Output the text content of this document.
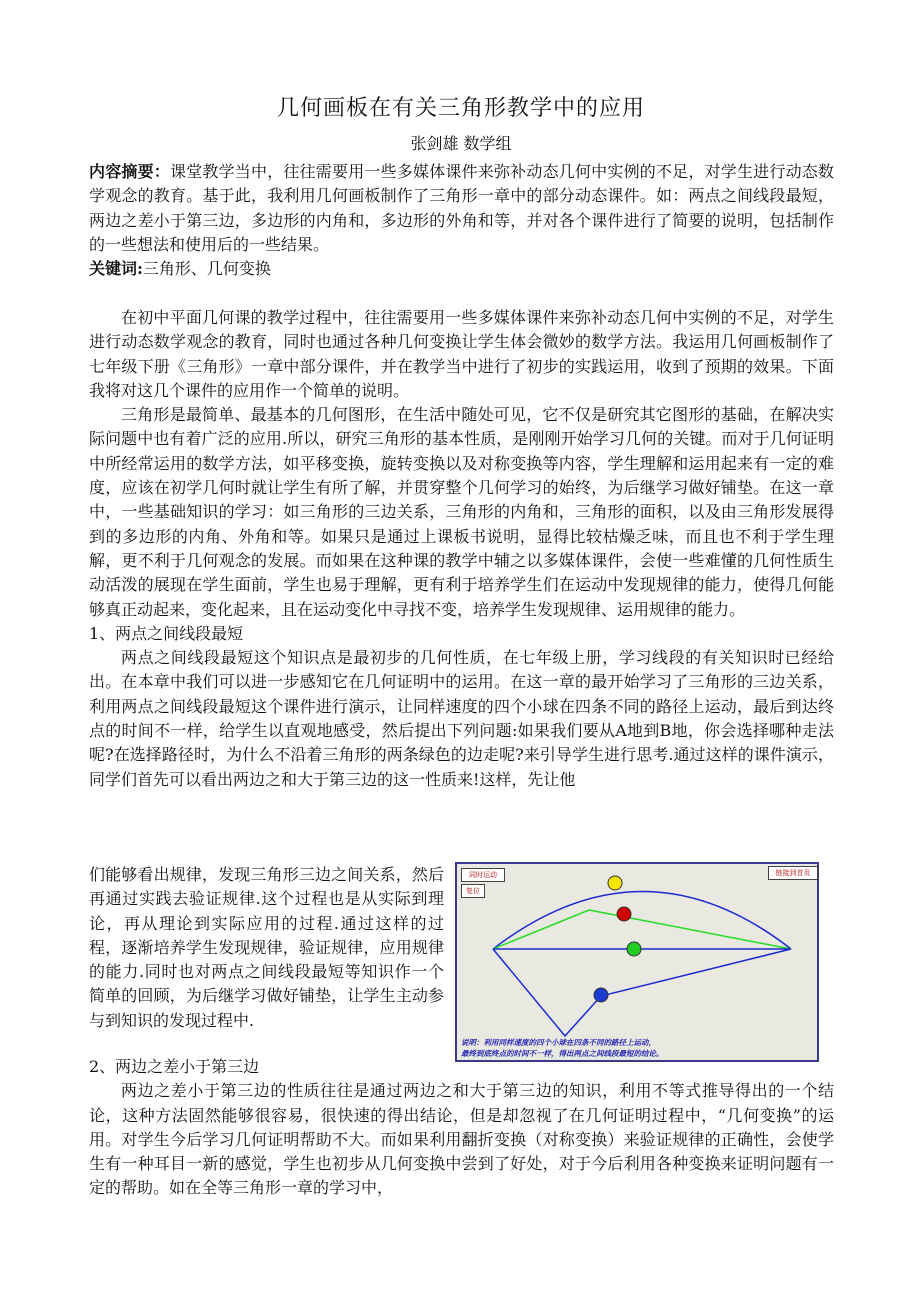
几何画板在有关三角形教学中的应用
张剑雄 数学组

内容摘要：课堂教学当中，往往需要用一些多媒体课件来弥补动态几何中实例的不足，对学生进行动态数学观念的教育。基于此，我利用几何画板制作了三角形一章中的部分动态课件。如：两点之间线段最短，两边之差小于第三边，多边形的内角和，多边形的外角和等，并对各个课件进行了简要的说明，包括制作的一些想法和使用后的一些结果。

关键词:三角形、几何变换

在初中平面几何课的教学过程中，往往需要用一些多媒体课件来弥补动态几何中实例的不足，对学生进行动态数学观念的教育，同时也通过各种几何变换让学生体会微妙的数学方法。我运用几何画板制作了七年级下册《三角形》一章中部分课件，并在教学当中进行了初步的实践运用，收到了预期的效果。下面我将对这几个课件的应用作一个简单的说明。

三角形是最简单、最基本的几何图形，在生活中随处可见，它不仅是研究其它图形的基础，在解决实际问题中也有着广泛的应用.所以，研究三角形的基本性质，是刚刚开始学习几何的关键。而对于几何证明中所经常运用的数学方法，如平移变换，旋转变换以及对称变换等内容，学生理解和运用起来有一定的难度，应该在初学几何时就让学生有所了解，并贯穿整个几何学习的始终，为后继学习做好铺垫。在这一章中，一些基础知识的学习：如三角形的三边关系，三角形的内角和，三角形的面积，以及由三角形发展得到的多边形的内角、外角和等。如果只是通过上课板书说明，显得比较枯燥乏味，而且也不利于学生理解，更不利于几何观念的发展。而如果在这种课的教学中辅之以多媒体课件，会使一些难懂的几何性质生动活泼的展现在学生面前，学生也易于理解，更有利于培养学生们在运动中发现规律的能力，使得几何能够真正动起来，变化起来，且在运动变化中寻找不变，培养学生发现规律、运用规律的能力。

1、两点之间线段最短

两点之间线段最短这个知识点是最初步的几何性质，在七年级上册，学习线段的有关知识时已经给出。在本章中我们可以进一步感知它在几何证明中的运用。在这一章的最开始学习了三角形的三边关系，利用两点之间线段最短这个课件进行演示，让同样速度的四个小球在四条不同的路径上运动，最后到达终点的时间不一样，给学生以直观地感受，然后提出下列问题:如果我们要从A地到B地，你会选择哪种走法呢?在选择路径时，为什么不沿着三角形的两条绿色的边走呢?来引导学生进行思考.通过这样的课件演示，同学们首先可以看出两边之和大于第三边的这一性质来!这样，先让他

们能够看出规律，发现三角形三边之间关系，然后再通过实践去验证规律.这个过程也是从实际到理论，再从理论到实际应用的过程.通过这样的过程，逐渐培养学生发现规律，验证规律，应用规律的能力.同时也对两点之间线段最短等知识作一个简单的回顾，为后继学习做好铺垫，让学生主动参与到知识的发现过程中.
同时运动
复位
链接到首页
说明：利用同样速度的四个小球在四条不同的路径上运动，
最终到底终点的时间不一样，得出两点之间线段最短的结论。

2、两边之差小于第三边

两边之差小于第三边的性质往往是通过两边之和大于第三边的知识，利用不等式推导得出的一个结论，这种方法固然能够很容易，很快速的得出结论，但是却忽视了在几何证明过程中，“几何变换”的运用。对学生今后学习几何证明帮助不大。而如果利用翻折变换（对称变换）来验证规律的正确性，会使学生有一种耳目一新的感觉，学生也初步从几何变换中尝到了好处，对于今后利用各种变换来证明问题有一定的帮助。如在全等三角形一章的学习中，
